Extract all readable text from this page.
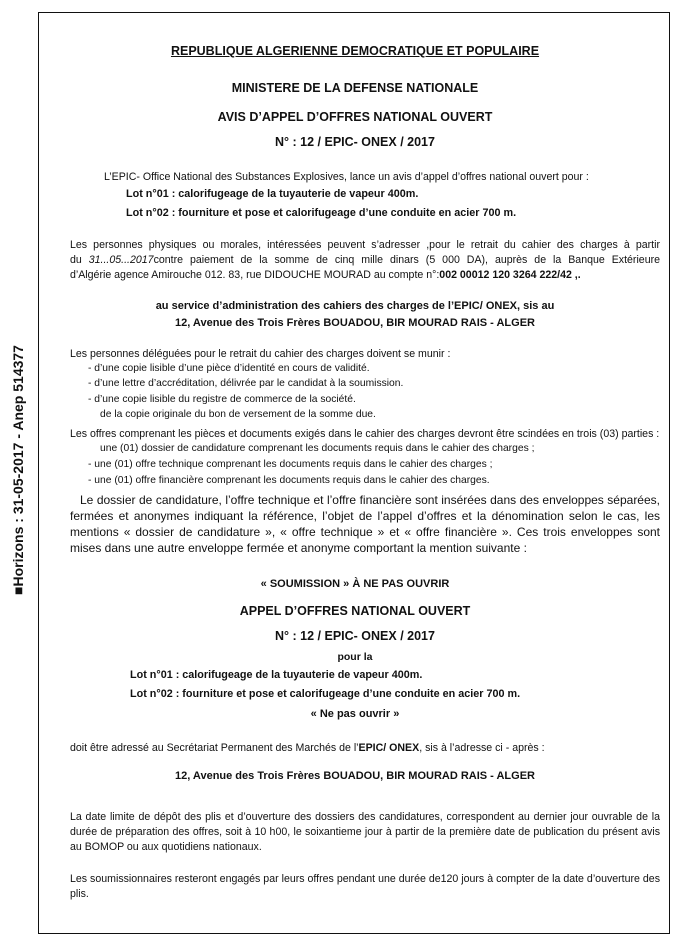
■Horizons : 31-05-2017 - Anep 514377
REPUBLIQUE ALGERIENNE DEMOCRATIQUE ET POPULAIRE
MINISTERE DE LA DEFENSE NATIONALE
AVIS D’APPEL D’OFFRES NATIONAL OUVERT
N° : 12 / EPIC- ONEX / 2017
L’EPIC- Office National des Substances Explosives, lance un avis d’appel d’offres national ouvert pour :
Lot n°01 : calorifugeage de la tuyauterie de vapeur 400m.
Lot n°02 : fourniture et pose et calorifugeage d’une conduite en acier 700 m.
Les personnes physiques ou morales, intéressées peuvent s’adresser ,pour le retrait du cahier des charges à partir
du 31...05...2017contre paiement de la somme de cinq mille dinars (5 000 DA), auprès de la Banque Extérieure
d’Algérie agence Amirouche 012. 83, rue DIDOUCHE MOURAD au compte n°:002 00012 120 3264 222/42 ,.
au service d’administration des cahiers des charges de l’EPIC/ ONEX, sis au
12, Avenue des Trois Frères BOUADOU, BIR MOURAD RAIS - ALGER
Les personnes déléguées pour le retrait du cahier des charges doivent se munir :
- d’une copie lisible d’une pièce d’identité en cours de validité.
- d’une lettre d’accréditation, délivrée par le candidat à la soumission.
- d’une copie lisible du registre de commerce de la société.
de la copie originale du bon de versement de la somme due.
Les offres comprenant les pièces et documents exigés dans le cahier des charges devront être scindées en trois (03) parties :
une (01) dossier de candidature comprenant les documents requis dans le cahier des charges ;
- une (01) offre technique comprenant les documents requis dans le cahier des charges ;
- une (01) offre financière comprenant les documents requis dans le cahier des charges.
Le dossier de candidature, l’offre technique et l’offre financière sont insérées dans des enveloppes séparées, fermées et anonymes indiquant la référence, l’objet de l’appel d’offres et la dénomination selon le cas, les mentions « dossier de candidature », « offre technique » et « offre financière ». Ces trois enveloppes sont mises dans une autre enveloppe fermée et anonyme comportant la mention suivante :
« SOUMISSION » À NE PAS OUVRIR
APPEL D’OFFRES NATIONAL OUVERT
N° : 12 / EPIC- ONEX / 2017
pour la
Lot n°01 : calorifugeage de la tuyauterie de vapeur 400m.
Lot n°02 : fourniture et pose et calorifugeage d’une conduite en acier 700 m.
« Ne pas ouvrir »
doit être adressé au Secrétariat Permanent des Marchés de l’EPIC/ ONEX, sis à l’adresse ci - après :
12, Avenue des Trois Frères BOUADOU, BIR MOURAD RAIS - ALGER
La date limite de dépôt des plis et d’ouverture des dossiers des candidatures, correspondent au dernier jour ouvrable de la durée de préparation des offres, soit à 10 h00, le soixantieme jour à partir de la première date de publication du présent avis au BOMOP ou aux quotidiens nationaux.
Les soumissionnaires resteront engagés par leurs offres pendant une durée de120 jours à compter de la date d’ouverture des plis.
